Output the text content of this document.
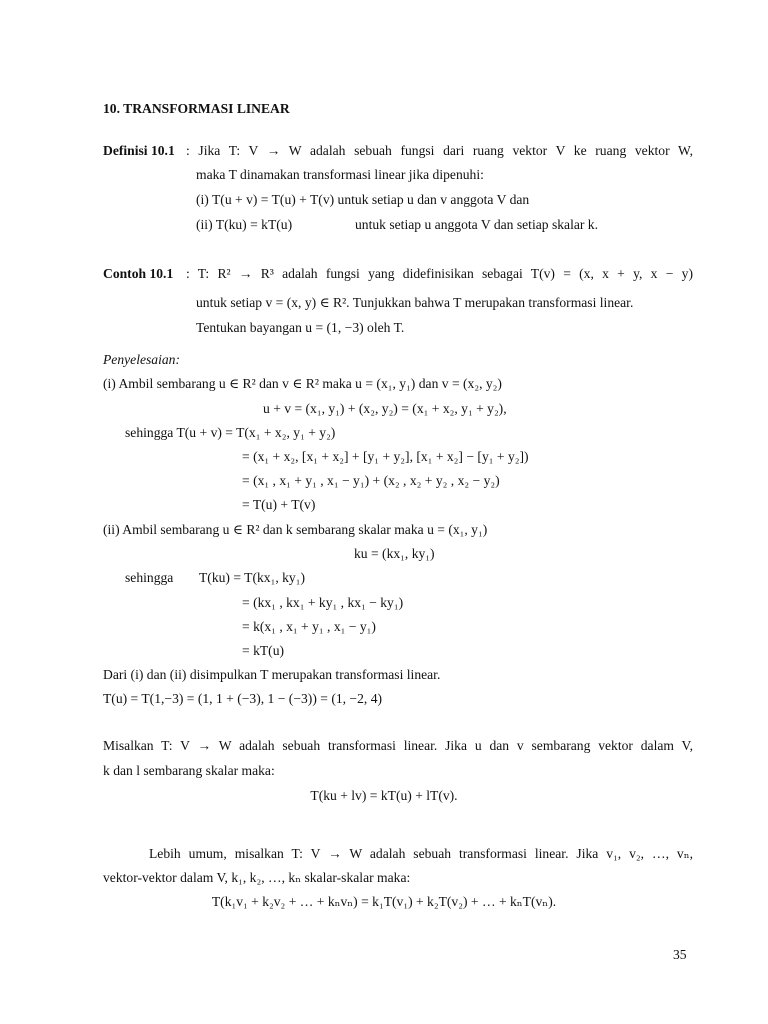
10. TRANSFORMASI LINEAR
Definisi 10.1 : Jika T: V → W adalah sebuah fungsi dari ruang vektor V ke ruang vektor W,
maka T dinamakan transformasi linear jika dipenuhi:
(i) T(u + v) = T(u) + T(v) untuk setiap u dan v anggota V dan
(ii) T(ku) = kT(u)	untuk setiap u anggota V dan setiap skalar k.
Contoh 10.1 : T: R² → R³ adalah fungsi yang didefinisikan sebagai T(v) = (x, x + y, x − y)
untuk setiap v = (x, y) ∈ R². Tunjukkan bahwa T merupakan transformasi linear.
Tentukan bayangan u = (1, −3) oleh T.
Penyelesaian:
(i) Ambil sembarang u ∈ R² dan v ∈ R² maka u = (x₁, y₁) dan v = (x₂, y₂)
u + v = (x₁, y₁) + (x₂, y₂) = (x₁ + x₂, y₁ + y₂),
sehingga T(u + v) = T(x₁ + x₂, y₁ + y₂)
= (x₁ + x₂, [x₁ + x₂] + [y₁ + y₂], [x₁ + x₂] − [y₁ + y₂])
= (x₁ , x₁ + y₁ , x₁ − y₁) + (x₂ , x₂ + y₂ , x₂ − y₂)
= T(u) + T(v)
(ii) Ambil sembarang u ∈ R² dan k sembarang skalar maka u = (x₁, y₁)
ku = (kx₁, ky₁)
sehingga T(ku) = T(kx₁, ky₁)
= (kx₁ , kx₁ + ky₁ , kx₁ − ky₁)
= k(x₁ , x₁ + y₁ , x₁ − y₁)
= kT(u)
Dari (i) dan (ii) disimpulkan T merupakan transformasi linear.
T(u) = T(1,−3) = (1, 1 + (−3), 1 − (−3)) = (1, −2, 4)
Misalkan T: V → W adalah sebuah transformasi linear. Jika u dan v sembarang vektor dalam V,
k dan l sembarang skalar maka:
T(ku + lv) = kT(u) + lT(v).
Lebih umum, misalkan T: V → W adalah sebuah transformasi linear. Jika v₁, v₂, …, vₙ,
vektor-vektor dalam V, k₁, k₂, …, kₙ skalar-skalar maka:
T(k₁v₁ + k₂v₂ + … + kₙvₙ) = k₁T(v₁) + k₂T(v₂) + … + kₙT(vₙ).
35
